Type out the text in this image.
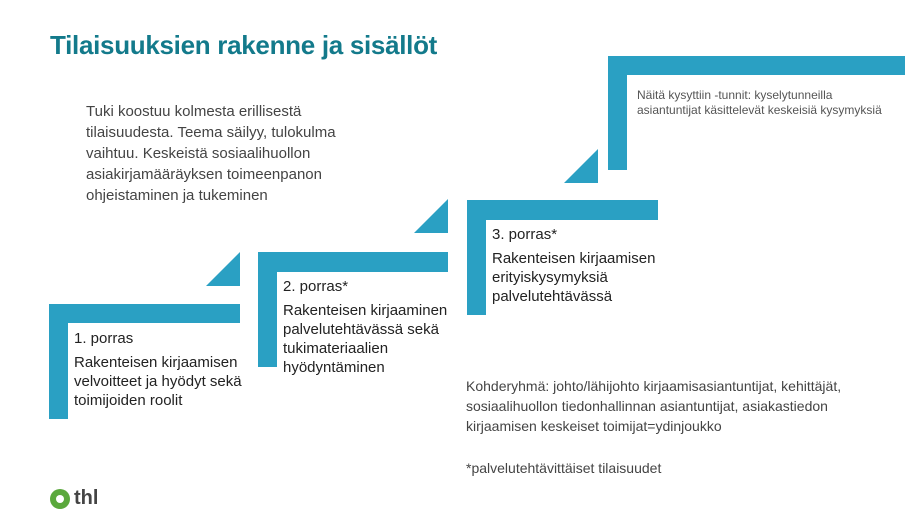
Tilaisuuksien rakenne ja sisällöt
Tuki koostuu kolmesta erillisestä tilaisuudesta. Teema säilyy, tulokulma vaihtuu. Keskeistä sosiaalihuollon asiakirjamääräyksen toimeenpanon ohjeistaminen ja tukeminen
1. porras

Rakenteisen kirjaamisen velvoitteet ja hyödyt sekä toimijoiden roolit

2. porras*

Rakenteisen kirjaaminen palvelutehtävässä sekä tukimateriaalien hyödyntäminen

3. porras*

Rakenteisen kirjaamisen erityiskysymyksiä palvelutehtävässä

Näitä kysyttiin -tunnit: kyselytunneilla asiantuntijat käsittelevät keskeisiä kysymyksiä
Kohderyhmä: johto/lähijohto kirjaamisasiantuntijat, kehittäjät, sosiaalihuollon tiedonhallinnan asiantuntijat, asiakastiedon kirjaamisen keskeiset toimijat=ydinjoukko
*palvelutehtävittäiset tilaisuudet
thl
